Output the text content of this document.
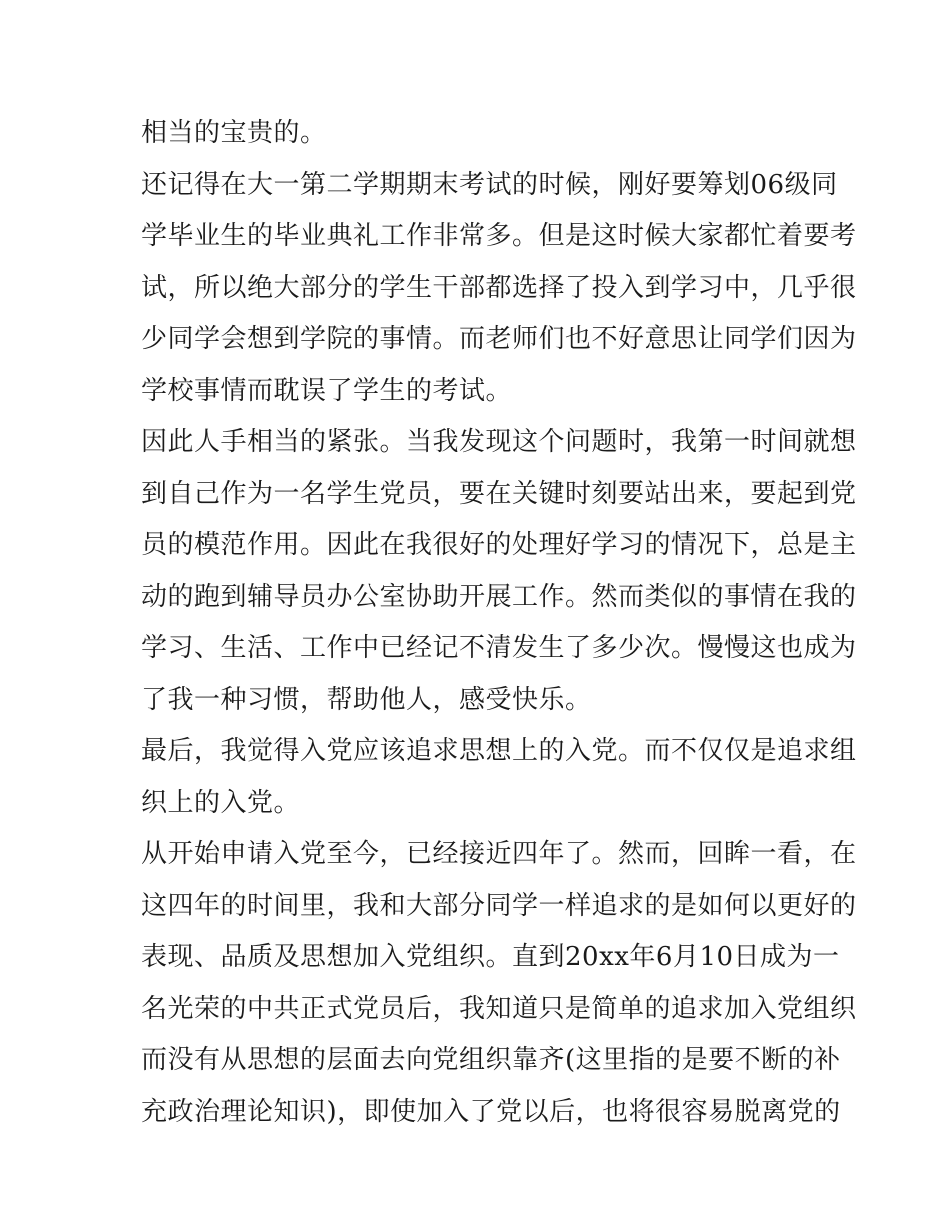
相当的宝贵的。
还记得在大一第二学期期末考试的时候，刚好要筹划06级同
学毕业生的毕业典礼工作非常多。但是这时候大家都忙着要考
试，所以绝大部分的学生干部都选择了投入到学习中，几乎很
少同学会想到学院的事情。而老师们也不好意思让同学们因为
学校事情而耽误了学生的考试。
因此人手相当的紧张。当我发现这个问题时，我第一时间就想
到自己作为一名学生党员，要在关键时刻要站出来，要起到党
员的模范作用。因此在我很好的处理好学习的情况下，总是主
动的跑到辅导员办公室协助开展工作。然而类似的事情在我的
学习、生活、工作中已经记不清发生了多少次。慢慢这也成为
了我一种习惯，帮助他人，感受快乐。
最后，我觉得入党应该追求思想上的入党。而不仅仅是追求组
织上的入党。
从开始申请入党至今，已经接近四年了。然而，回眸一看，在
这四年的时间里，我和大部分同学一样追求的是如何以更好的
表现、品质及思想加入党组织。直到20xx年6月10日成为一
名光荣的中共正式党员后，我知道只是简单的追求加入党组织
而没有从思想的层面去向党组织靠齐(这里指的是要不断的补
充政治理论知识)，即使加入了党以后，也将很容易脱离党的
